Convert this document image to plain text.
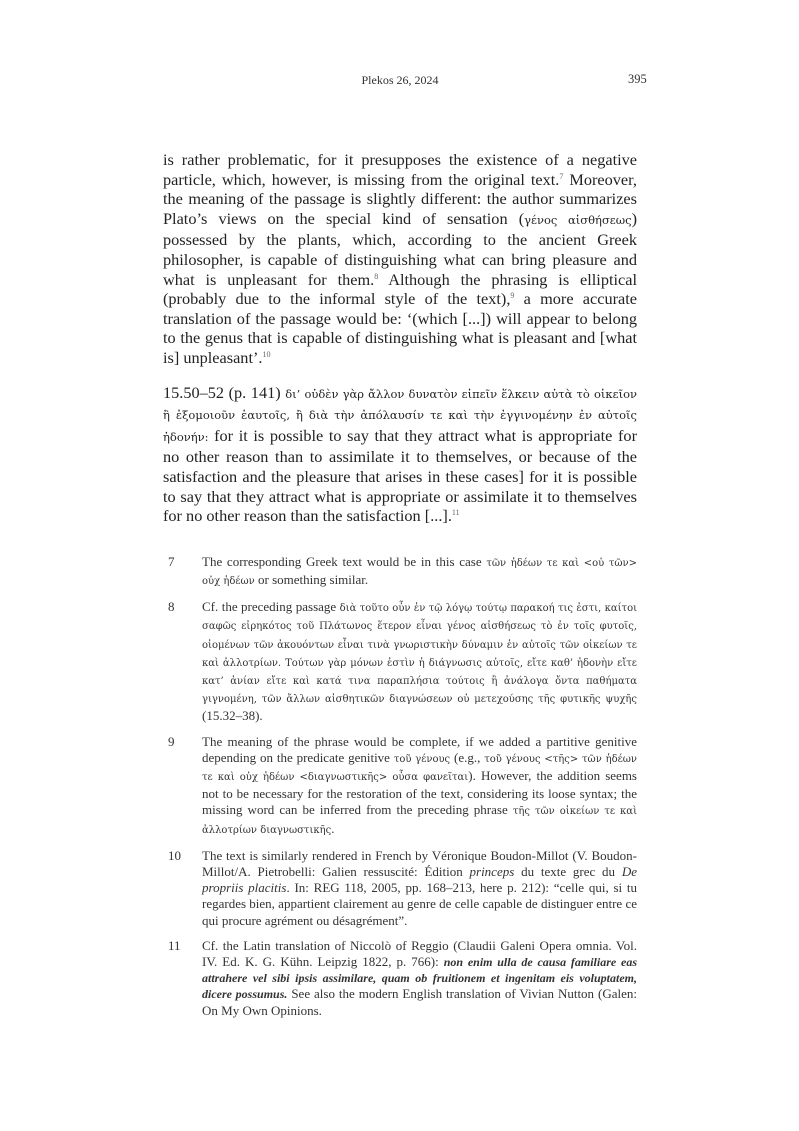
Plekos 26, 2024	395

is rather problematic, for it presupposes the existence of a negative particle, which, however, is missing from the original text.$^7$ Moreover, the meaning of the passage is slightly different: the author summarizes Plato’s views on the special kind of sensation (γένος αἰσθήσεως) possessed by the plants, which, according to the ancient Greek philosopher, is capable of distinguishing what can bring pleasure and what is unpleasant for them.$^8$ Although the phrasing is elliptical (probably due to the informal style of the text),$^9$ a more accurate translation of the passage would be: ‘(which [...]) will appear to belong to the genus that is capable of distinguishing what is pleasant and [what is] unpleasant’.$^{10}$

15.50–52 (p. 141) δι’ οὐδὲν γὰρ ἄλλον δυνατὸν εἰπεῖν ἕλκειν αὐτὰ τὸ οἰκεῖον ἢ ἐξομοιοῦν ἑαυτοῖς, ἢ διὰ τὴν ἀπόλαυσίν τε καὶ τὴν ἐγγινομένην ἐν αὐτοῖς ἡδονήν: for it is possible to say that they attract what is appropriate for no other reason than to assimilate it to themselves, or because of the satisfaction and the pleasure that arises in these cases] for it is possible to say that they attract what is appropriate or assimilate it to themselves for no other reason than the satisfaction [...].$^{11}$

7	The corresponding Greek text would be in this case τῶν ἡδέων τε καὶ <οὐ τῶν> οὐχ ἡδέων or something similar.
8	Cf. the preceding passage διὰ τοῦτο οὖν ἐν τῷ λόγῳ τούτῳ παρακοή τις ἐστι, καίτοι σαφῶς εἰρηκότος τοῦ Πλάτωνος ἕτερον εἶναι γένος αἰσθήσεως τὸ ἐν τοῖς φυτοῖς, οἰομένων τῶν ἀκουόντων εἶναι τινὰ γνωριστικὴν δύναμιν ἐν αὐτοῖς τῶν οἰκείων τε καὶ ἀλλοτρίων. Τούτων γὰρ μόνων ἐστὶν ἡ διάγνωσις αὐτοῖς, εἴτε καθ’ ἡδονὴν εἴτε κατ’ ἀνίαν εἴτε καὶ κατά τινα παραπλήσια τούτοις ἢ ἀνάλογα ὄντα παθήματα γιγνομένη, τῶν ἄλλων αἰσθητικῶν διαγνώσεων οὐ μετεχούσης τῆς φυτικῆς ψυχῆς (15.32–38).
9	The meaning of the phrase would be complete, if we added a partitive genitive depending on the predicate genitive τοῦ γένους (e.g., τοῦ γένους <τῆς> τῶν ἡδέων τε καὶ οὐχ ἡδέων <διαγνωστικῆς> οὖσα φανεῖται). However, the addition seems not to be necessary for the restoration of the text, considering its loose syntax; the missing word can be inferred from the preceding phrase τῆς τῶν οἰκείων τε καὶ ἀλλοτρίων διαγνωστικῆς.
10	The text is similarly rendered in French by Véronique Boudon-Millot (V. Boudon-Millot/A. Pietrobelli: Galien ressuscité: Édition princeps du texte grec du De propriis placitis. In: REG 118, 2005, pp. 168–213, here p. 212): “celle qui, si tu regardes bien, appartient clairement au genre de celle capable de distinguer entre ce qui procure agrément ou désagrément”.
11	Cf. the Latin translation of Niccolò of Reggio (Claudii Galeni Opera omnia. Vol. IV. Ed. K. G. Kühn. Leipzig 1822, p. 766): non enim ulla de causa familiare eas attrahere vel sibi ipsis assimilare, quam ob fruitionem et ingenitam eis voluptatem, dicere possumus. See also the modern English translation of Vivian Nutton (Galen: On My Own Opinions.
